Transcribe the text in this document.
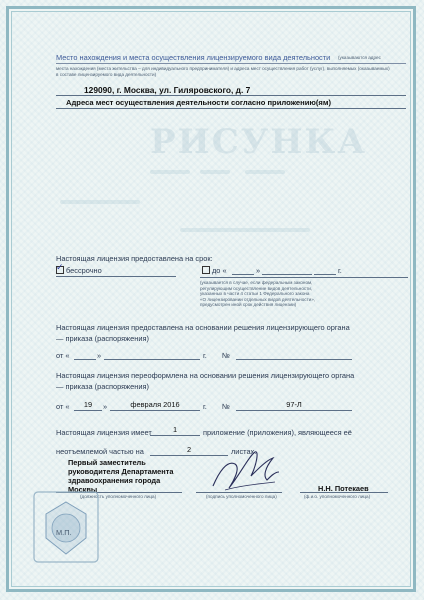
РИСУНКА
Место нахождения и места осуществления лицензируемого вида деятельности	(указываются адрес
места нахождения (места жительства – для индивидуального предпринимателя) и адреса мест осуществления работ (услуг), выполняемых (оказываемых)
в составе лицензируемого вида деятельности)
129090, г. Москва, ул. Гиляровского, д. 7
Адреса мест осуществления деятельности согласно приложению(ям)
Настоящая лицензия предоставлена на срок:
✓ бессрочно	до «	»	г.
(указывается в случае, если федеральным законом,
регулирующим осуществление видов деятельности,
указанных в части 4 статьи 1 Федерального закона
«О лицензировании отдельных видов деятельности»,
предусмотрен иной срок действия лицензии)
Настоящая лицензия предоставлена на основании решения лицензирующего органа
— приказа (распоряжения)
от «	»	г. №
Настоящая лицензия переоформлена на основании решения лицензирующего органа
— приказа (распоряжения)
от «	19	»	февраля 2016	г. №	97-Л
Настоящая лицензия имеет	1	приложение (приложения), являющееся её
неотъемлемой частью на	2	листах.
Первый заместитель
руководителя Департамента
здравоохранения города
Москвы
(должность уполномоченного лица)	(подпись уполномоченного лица)
Н.Н. Потекаев
(ф.и.о. уполномоченного лица)
М.П.
